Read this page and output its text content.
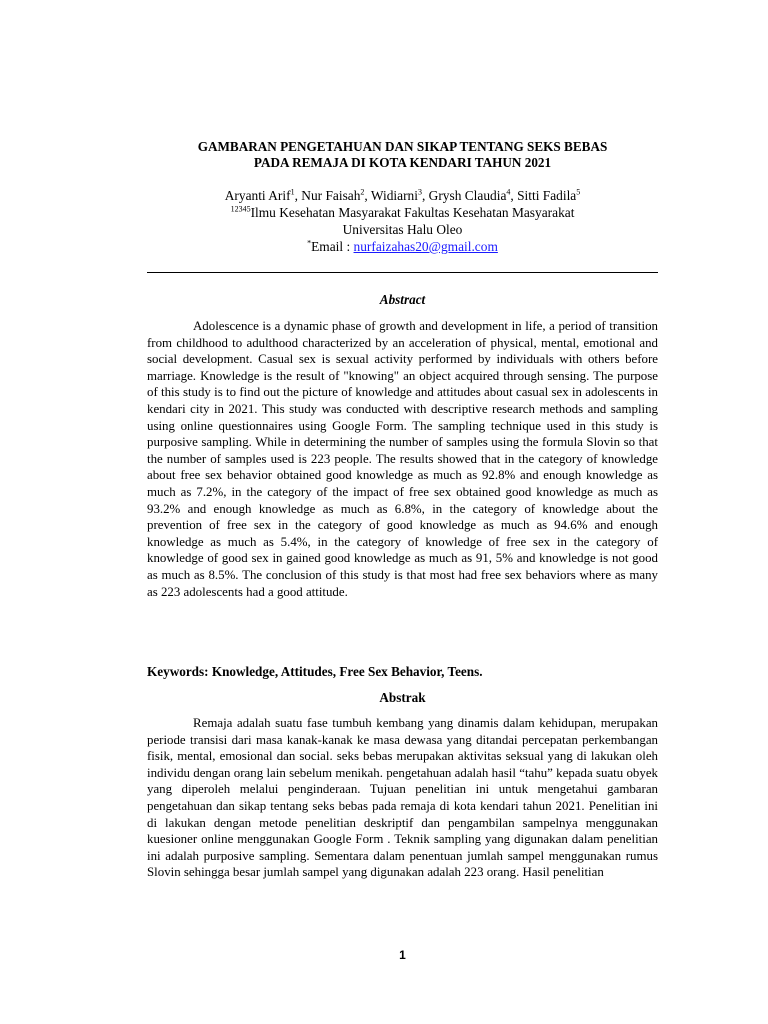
GAMBARAN PENGETAHUAN DAN SIKAP TENTANG SEKS BEBAS
PADA REMAJA DI KOTA KENDARI TAHUN 2021
Aryanti Arif$^1$, Nur Faisah$^2$, Widiarni$^3$, Grysh Claudia$^4$, Sitti Fadila$^5$
$^{12345}$Ilmu Kesehatan Masyarakat Fakultas Kesehatan Masyarakat
Universitas Halu Oleo
*Email : nurfaizahas20@gmail.com
Abstract

Adolescence is a dynamic phase of growth and development in life, a period of transition from childhood to adulthood characterized by an acceleration of physical, mental, emotional and social development. Casual sex is sexual activity performed by individuals with others before marriage. Knowledge is the result of "knowing" an object acquired through sensing. The purpose of this study is to find out the picture of knowledge and attitudes about casual sex in adolescents in kendari city in 2021. This study was conducted with descriptive research methods and sampling using online questionnaires using Google Form. The sampling technique used in this study is purposive sampling. While in determining the number of samples using the formula Slovin so that the number of samples used is 223 people. The results showed that in the category of knowledge about free sex behavior obtained good knowledge as much as 92.8% and enough knowledge as much as 7.2%, in the category of the impact of free sex obtained good knowledge as much as 93.2% and enough knowledge as much as 6.8%, in the category of knowledge about the prevention of free sex in the category of good knowledge as much as 94.6% and enough knowledge as much as 5.4%, in the category of knowledge of free sex in the category of knowledge of good sex in gained good knowledge as much as 91, 5% and knowledge is not good as much as 8.5%. The conclusion of this study is that most had free sex behaviors where as many as 223 adolescents had a good attitude.

Keywords: Knowledge, Attitudes, Free Sex Behavior, Teens.
Abstrak

Remaja adalah suatu fase tumbuh kembang yang dinamis dalam kehidupan, merupakan periode transisi dari masa kanak-kanak ke masa dewasa yang ditandai percepatan perkembangan fisik, mental, emosional dan social. seks bebas merupakan aktivitas seksual yang di lakukan oleh individu dengan orang lain sebelum menikah. pengetahuan adalah hasil “tahu” kepada suatu obyek yang diperoleh melalui penginderaan. Tujuan penelitian ini untuk mengetahui gambaran pengetahuan dan sikap tentang seks bebas pada remaja di kota kendari tahun 2021. Penelitian ini di lakukan dengan metode penelitian deskriptif dan pengambilan sampelnya menggunakan kuesioner online menggunakan Google Form . Teknik sampling yang digunakan dalam penelitian ini adalah purposive sampling. Sementara dalam penentuan jumlah sampel menggunakan rumus Slovin sehingga besar jumlah sampel yang digunakan adalah 223 orang. Hasil penelitian

1
